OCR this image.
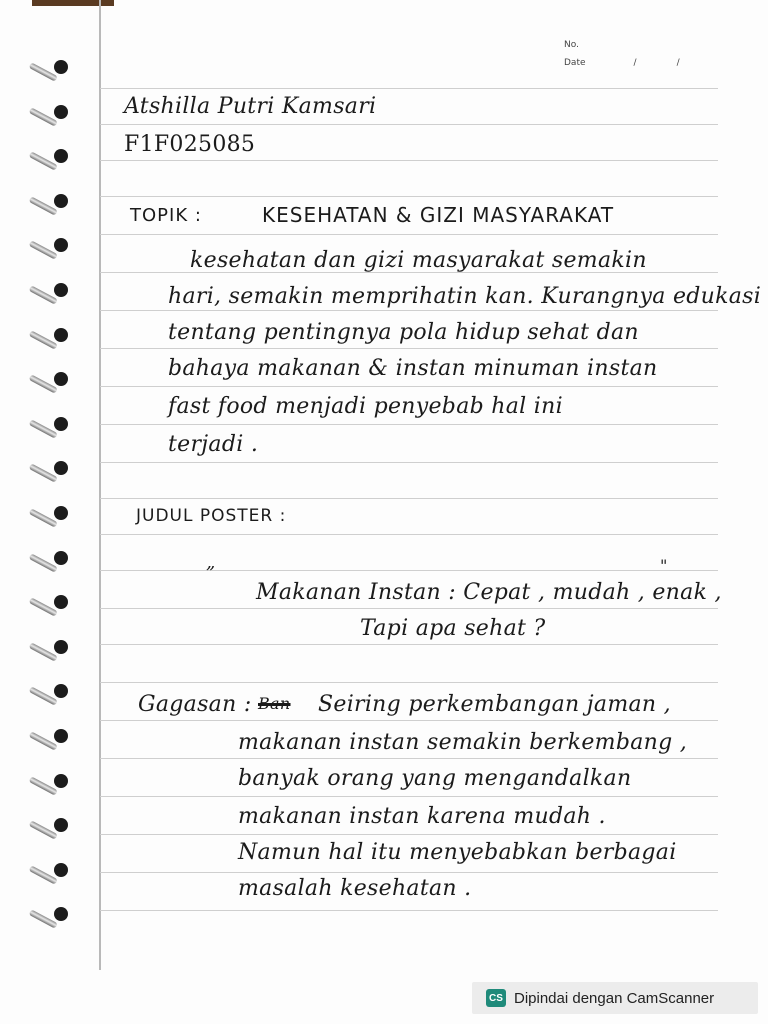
No.
Date	/	/
Atshilla Putri Kamsari
F1F025085
TOPIK :	KESEHATAN & GIZI MASYARAKAT
kesehatan dan gizi masyarakat semakin
hari, semakin memprihatin kan. Kurangnya edukasi
tentang pentingnya pola hidup sehat dan
bahaya makanan & instan minuman instan
fast food menjadi penyebab hal ini
terjadi .
JUDUL POSTER :
„	"
Makanan Instan : Cepat , mudah , enak ,
Tapi apa sehat ?
Gagasan : Ban Seiring perkembangan jaman ,
makanan instan semakin berkembang ,
banyak orang yang mengandalkan
makanan instan karena mudah .
Namun hal itu menyebabkan berbagai
masalah kesehatan .
CS Dipindai dengan CamScanner
